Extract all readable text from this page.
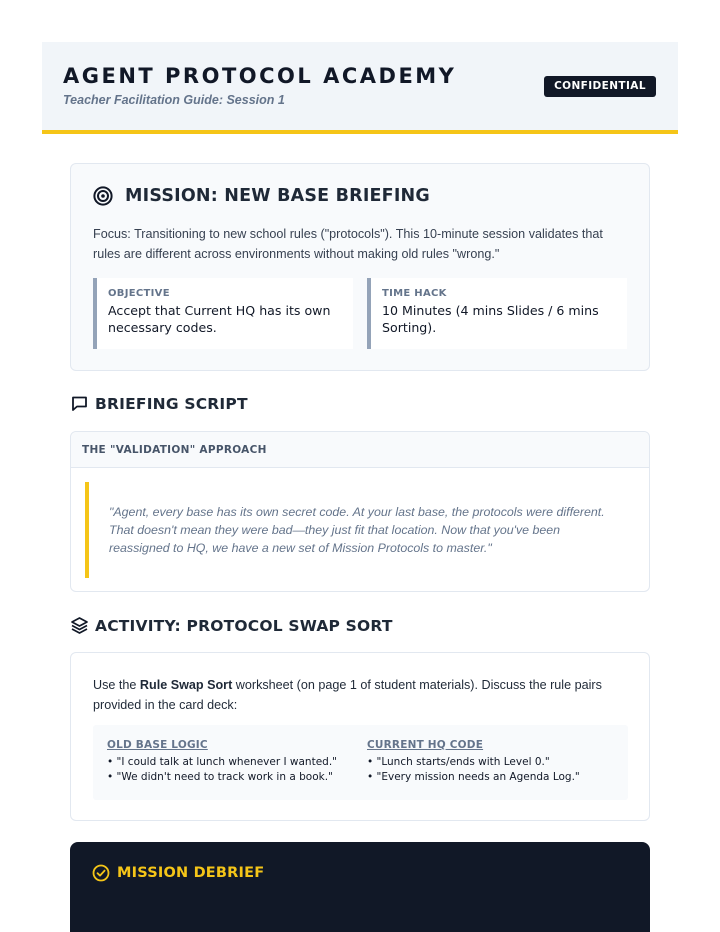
AGENT PROTOCOL ACADEMY
Teacher Facilitation Guide: Session 1
CONFIDENTIAL
MISSION: NEW BASE BRIEFING
Focus: Transitioning to new school rules ("protocols"). This 10-minute session validates that rules are different across environments without making old rules "wrong."
OBJECTIVE
Accept that Current HQ has its own necessary codes.
TIME HACK
10 Minutes (4 mins Slides / 6 mins Sorting).
BRIEFING SCRIPT
THE "VALIDATION" APPROACH
"Agent, every base has its own secret code. At your last base, the protocols were different. That doesn't mean they were bad—they just fit that location. Now that you've been reassigned to HQ, we have a new set of Mission Protocols to master."
ACTIVITY: PROTOCOL SWAP SORT
Use the Rule Swap Sort worksheet (on page 1 of student materials). Discuss the rule pairs provided in the card deck:
OLD BASE LOGIC
• "I could talk at lunch whenever I wanted."
• "We didn't need to track work in a book."
CURRENT HQ CODE
• "Lunch starts/ends with Level 0."
• "Every mission needs an Agenda Log."
MISSION DEBRIEF
